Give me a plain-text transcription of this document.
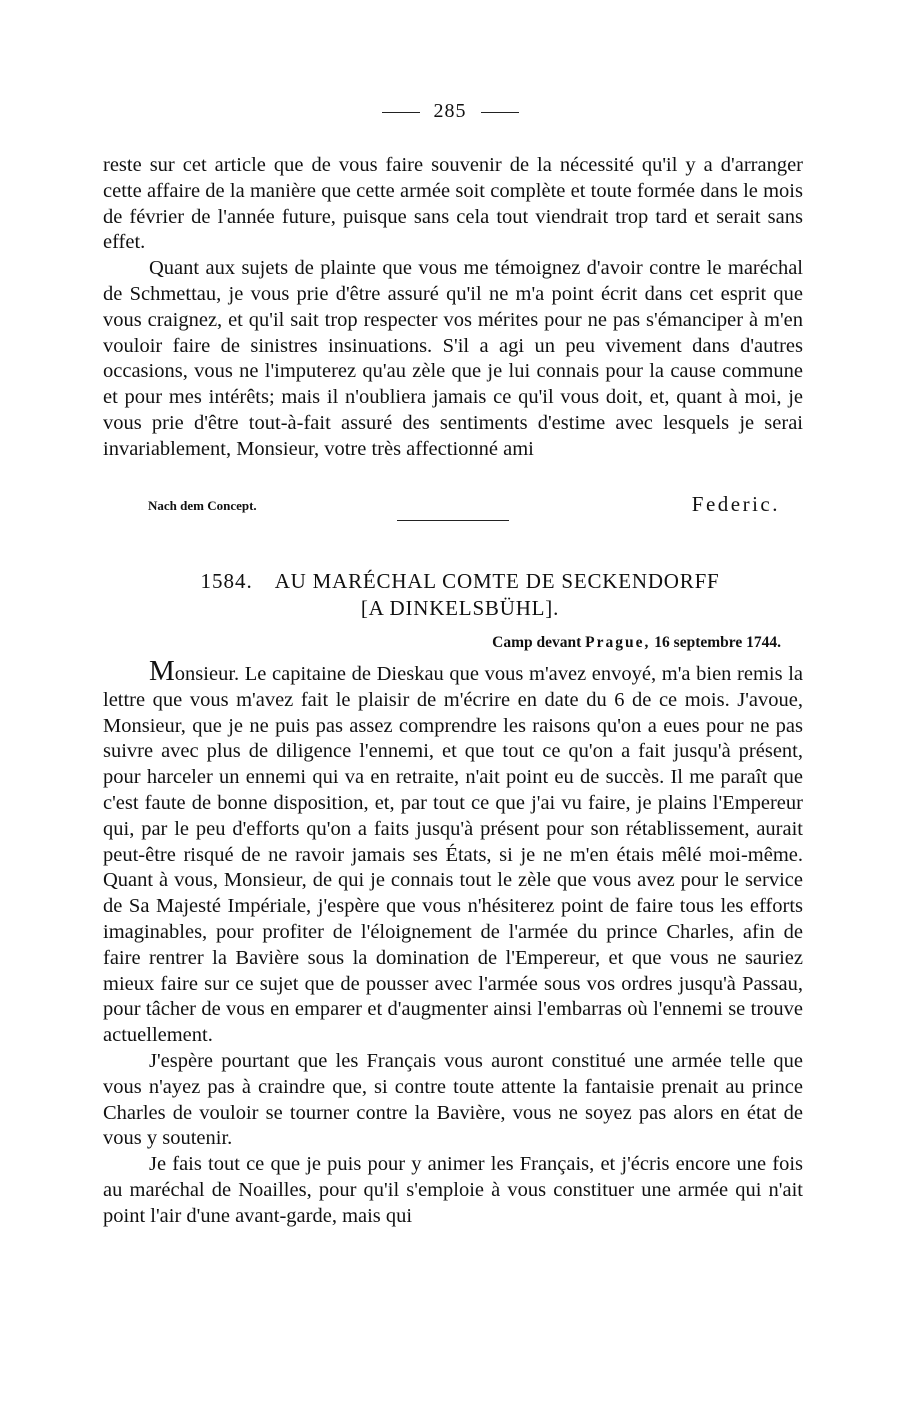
285

reste sur cet article que de vous faire souvenir de la nécessité qu'il y a d'arranger cette affaire de la manière que cette armée soit complète et toute formée dans le mois de février de l'année future, puisque sans cela tout viendrait trop tard et serait sans effet.

Quant aux sujets de plainte que vous me témoignez d'avoir contre le maréchal de Schmettau, je vous prie d'être assuré qu'il ne m'a point écrit dans cet esprit que vous craignez, et qu'il sait trop respecter vos mérites pour ne pas s'émanciper à m'en vouloir faire de sinistres insinuations. S'il a agi un peu vivement dans d'autres occasions, vous ne l'imputerez qu'au zèle que je lui connais pour la cause commune et pour mes intérêts; mais il n'oubliera jamais ce qu'il vous doit, et, quant à moi, je vous prie d'être tout-à-fait assuré des sentiments d'estime avec lesquels je serai invariablement, Monsieur, votre très affectionné ami

Nach dem Concept.	Federic.
1584. AU MARÉCHAL COMTE DE SECKENDORFF
[A DINKELSBÜHL].
Camp devant Prague, 16 septembre 1744.

Monsieur. Le capitaine de Dieskau que vous m'avez envoyé, m'a bien remis la lettre que vous m'avez fait le plaisir de m'écrire en date du 6 de ce mois. J'avoue, Monsieur, que je ne puis pas assez comprendre les raisons qu'on a eues pour ne pas suivre avec plus de diligence l'ennemi, et que tout ce qu'on a fait jusqu'à présent, pour harceler un ennemi qui va en retraite, n'ait point eu de succès. Il me paraît que c'est faute de bonne disposition, et, par tout ce que j'ai vu faire, je plains l'Empereur qui, par le peu d'efforts qu'on a faits jusqu'à présent pour son rétablissement, aurait peut-être risqué de ne ravoir jamais ses États, si je ne m'en étais mêlé moi-même. Quant à vous, Monsieur, de qui je connais tout le zèle que vous avez pour le service de Sa Majesté Impériale, j'espère que vous n'hésiterez point de faire tous les efforts imaginables, pour profiter de l'éloignement de l'armée du prince Charles, afin de faire rentrer la Bavière sous la domination de l'Empereur, et que vous ne sauriez mieux faire sur ce sujet que de pousser avec l'armée sous vos ordres jusqu'à Passau, pour tâcher de vous en emparer et d'augmenter ainsi l'embarras où l'ennemi se trouve actuellement.

J'espère pourtant que les Français vous auront constitué une armée telle que vous n'ayez pas à craindre que, si contre toute attente la fantaisie prenait au prince Charles de vouloir se tourner contre la Bavière, vous ne soyez pas alors en état de vous y soutenir.

Je fais tout ce que je puis pour y animer les Français, et j'écris encore une fois au maréchal de Noailles, pour qu'il s'emploie à vous constituer une armée qui n'ait point l'air d'une avant-garde, mais qui
